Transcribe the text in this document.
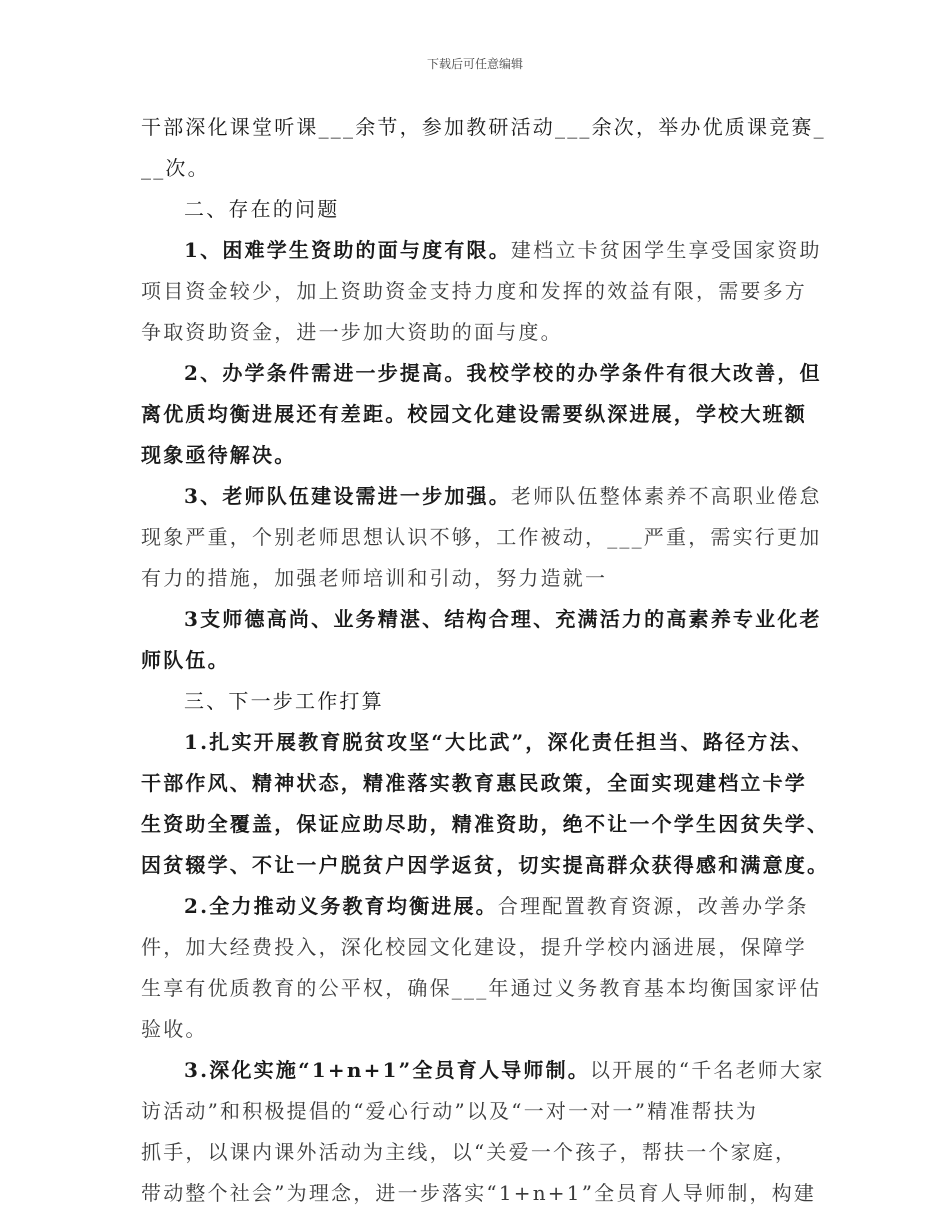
下载后可任意编辑
干部深化课堂听课___余节，参加教研活动___余次，举办优质课竞赛_
__次。
二、存在的问题
1、困难学生资助的面与度有限。建档立卡贫困学生享受国家资助
项目资金较少，加上资助资金支持力度和发挥的效益有限，需要多方
争取资助资金，进一步加大资助的面与度。
2、办学条件需进一步提高。我校学校的办学条件有很大改善，但
离优质均衡进展还有差距。校园文化建设需要纵深进展，学校大班额
现象亟待解决。
3、老师队伍建设需进一步加强。老师队伍整体素养不高职业倦怠
现象严重，个别老师思想认识不够，工作被动，___严重，需实行更加
有力的措施，加强老师培训和引动，努力造就一
3支师德高尚、业务精湛、结构合理、充满活力的高素养专业化老
师队伍。
三、下一步工作打算
1.扎实开展教育脱贫攻坚“大比武”，深化责任担当、路径方法、
干部作风、精神状态，精准落实教育惠民政策，全面实现建档立卡学
生资助全覆盖，保证应助尽助，精准资助，绝不让一个学生因贫失学、
因贫辍学、不让一户脱贫户因学返贫，切实提高群众获得感和满意度。
2.全力推动义务教育均衡进展。合理配置教育资源，改善办学条
件，加大经费投入，深化校园文化建设，提升学校内涵进展，保障学
生享有优质教育的公平权，确保___年通过义务教育基本均衡国家评估
验收。
3.深化实施“1+n+1”全员育人导师制。以开展的“千名老师大家
访活动”和积极提倡的“爱心行动”以及“一对一对一”精准帮扶为
抓手，以课内课外活动为主线，以“关爱一个孩子，帮扶一个家庭，
带动整个社会”为理念，进一步落实“1+n+1”全员育人导师制，构建
